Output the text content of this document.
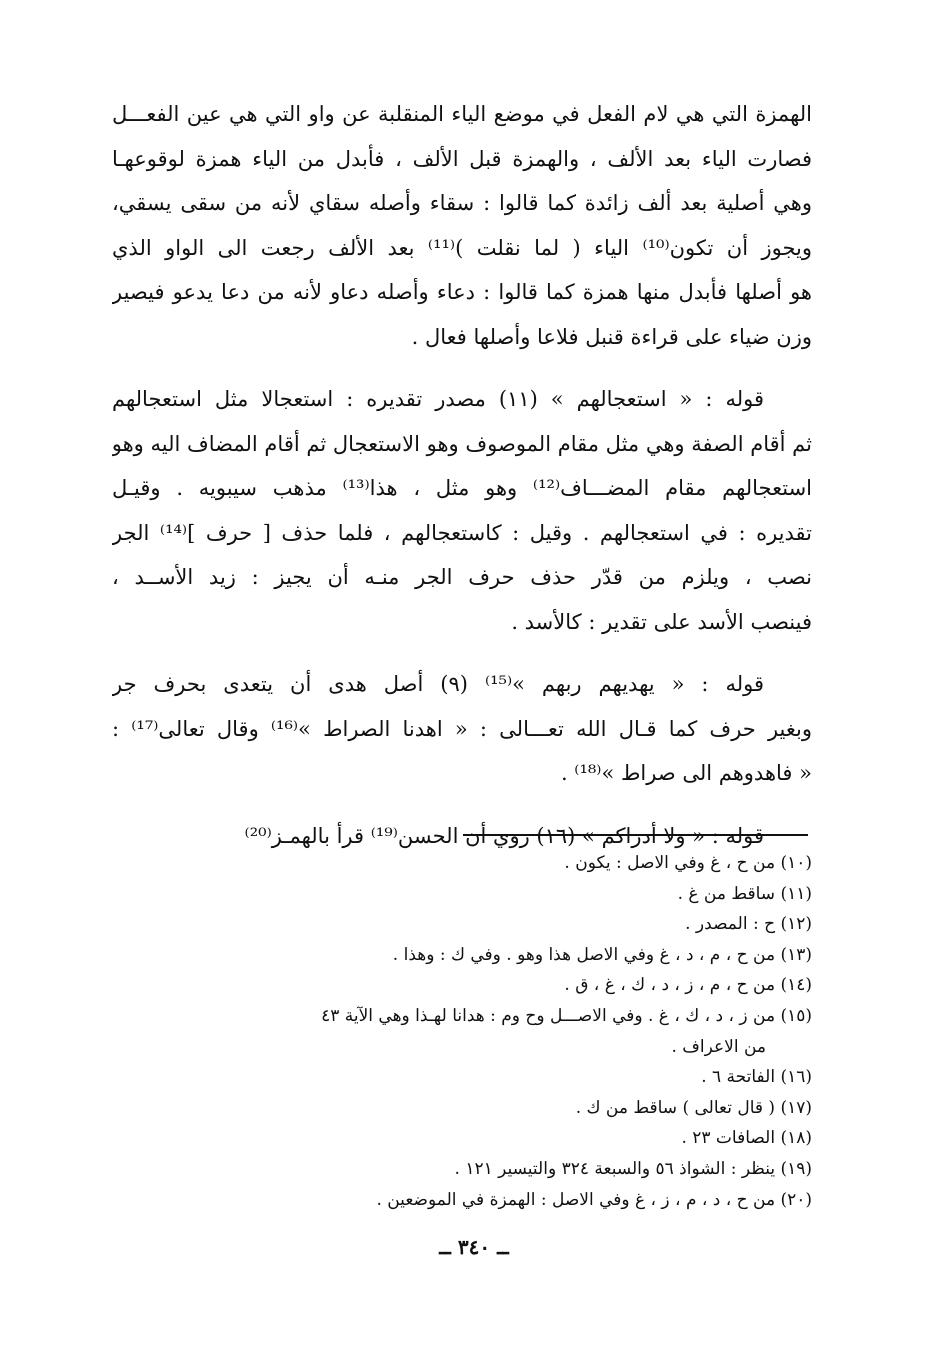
الهمزة التي هي لام الفعل في موضع الياء المنقلبة عن واو التي هي عين الفعـــل
فصارت الياء بعد الألف ، والهمزة قبل الألف ، فأبدل من الياء همزة لوقوعهـا
وهي أصلية بعد ألف زائدة كما قالوا : سقاء وأصله سقاي لأنه من سقى يسقي،
ويجوز أن تكون⁽¹⁰⁾ الياء ( لما نقلت )⁽¹¹⁾ بعد الألف رجعت الى الواو الذي
هو أصلها فأبدل منها همزة كما قالوا : دعاء وأصله دعاو لأنه من دعا يدعو فيصير
وزن ضياء على قراءة قنبل فلاعا وأصلها فعال .
قوله : « استعجالهم » (١١) مصدر تقديره : استعجالا مثل استعجالهم
ثم أقام الصفة وهي مثل مقام الموصوف وهو الاستعجال ثم أقام المضاف اليه وهو
استعجالهم مقام المضـــاف⁽¹²⁾ وهو مثل ، هذا⁽¹³⁾ مذهب سيبويه . وقيـل
تقديره : في استعجالهم . وقيل : كاستعجالهم ، فلما حذف [ حرف ]⁽¹⁴⁾ الجر
نصب ، ويلزم من قدّر حذف حرف الجر منـه أن يجيز : زيد الأســد ،
فينصب الأسد على تقدير : كالأسد .
قوله : « يهديهم ربهم »⁽¹⁵⁾ (٩) أصل هدى أن يتعدى بحرف جر
وبغير حرف كما قـال الله تعـــالى : « اهدنا الصراط »⁽¹⁶⁾ وقال تعالى⁽¹⁷⁾ :
« فاهدوهم الى صراط »⁽¹⁸⁾ .
قوله : « ولا أدراكم » (١٦) روي أن الحسن⁽¹⁹⁾ قرأ بالهمـز⁽²⁰⁾
(١٠) من ح ، غ وفي الاصل : يكون .
(١١) ساقط من غ .
(١٢) ح : المصدر .
(١٣) من ح ، م ، د ، غ وفي الاصل هذا وهو . وفي ك : وهذا .
(١٤) من ح ، م ، ز ، د ، ك ، غ ، ق .
(١٥) من ز ، د ، ك ، غ . وفي الاصـــل وح وم : هدانا لهـذا وهي الآية ٤٣
من الاعراف .
(١٦) الفاتحة ٦ .
(١٧) ( قال تعالى ) ساقط من ك .
(١٨) الصافات ٢٣ .
(١٩) ينظر : الشواذ ٥٦ والسبعة ٣٢٤ والتيسير ١٢١ .
(٢٠) من ح ، د ، م ، ز ، غ وفي الاصل : الهمزة في الموضعين .
ــ ٣٤٠ ــ
